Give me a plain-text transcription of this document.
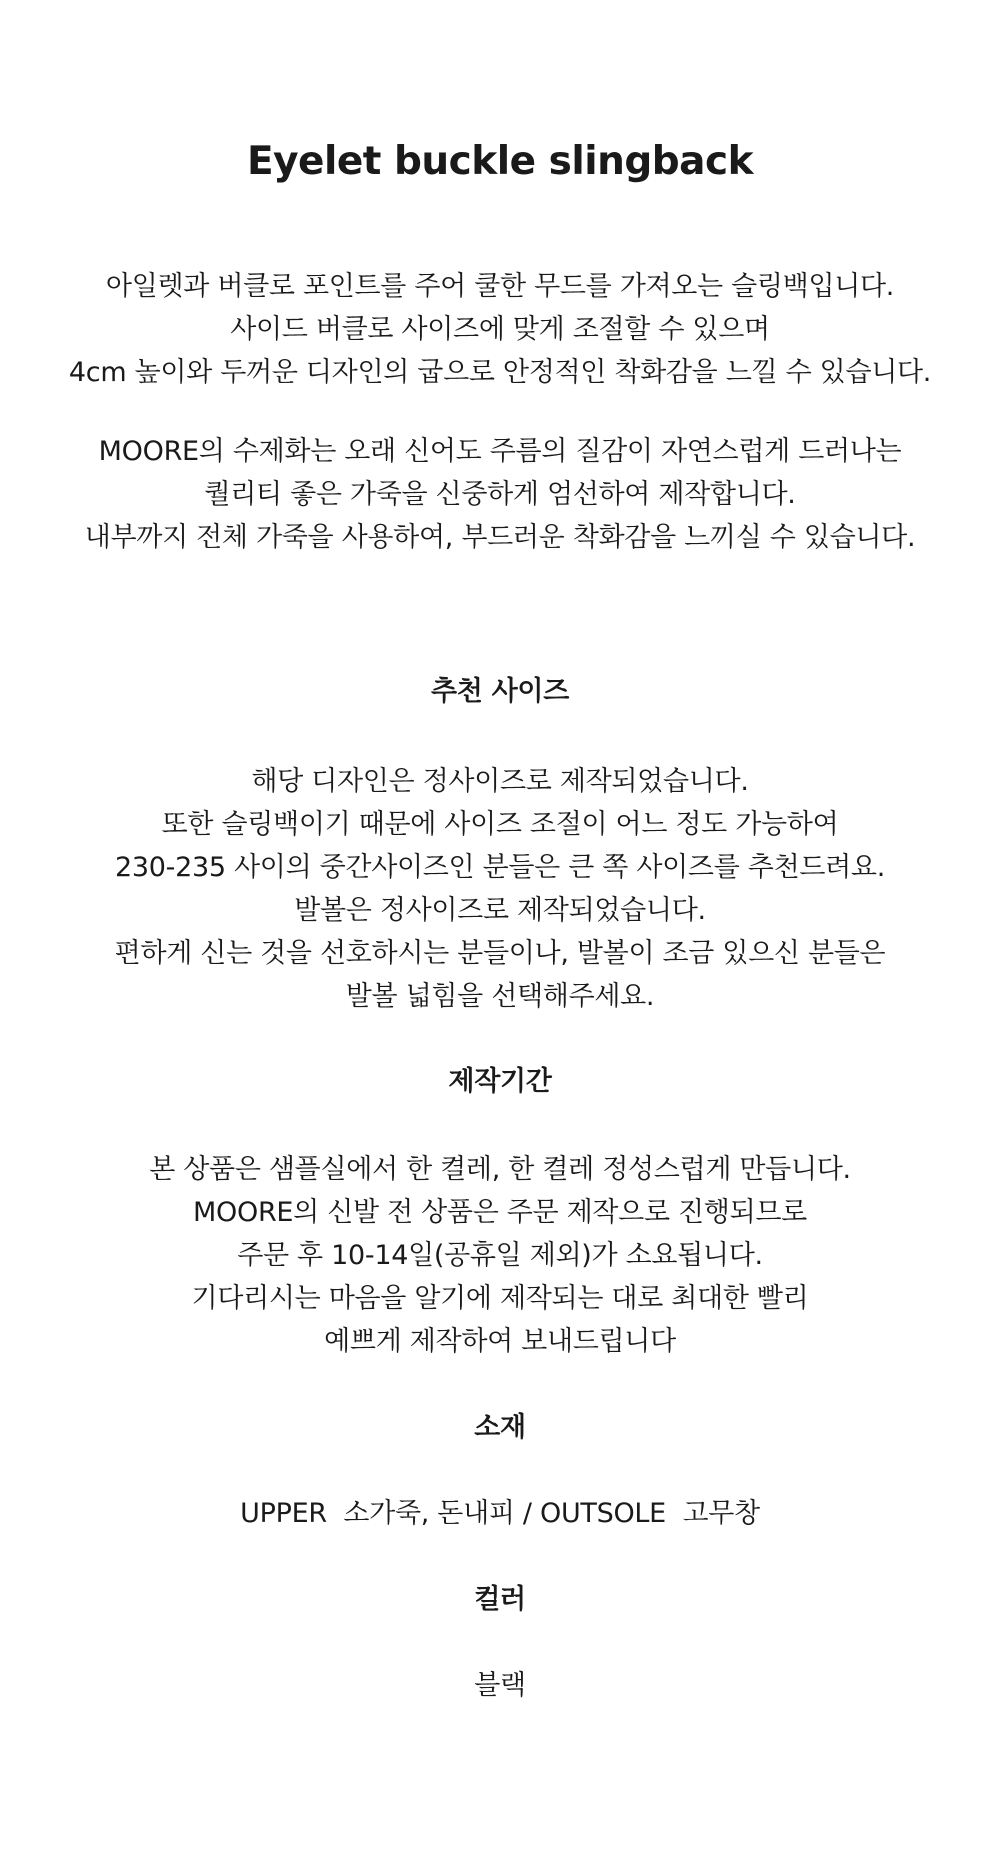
Eyelet buckle slingback
아일렛과 버클로 포인트를 주어 쿨한 무드를 가져오는 슬링백입니다.
사이드 버클로 사이즈에 맞게 조절할 수 있으며
4cm 높이와 두꺼운 디자인의 굽으로 안정적인 착화감을 느낄 수 있습니다.
MOORE의 수제화는 오래 신어도 주름의 질감이 자연스럽게 드러나는
퀄리티 좋은 가죽을 신중하게 엄선하여 제작합니다.
내부까지 전체 가죽을 사용하여, 부드러운 착화감을 느끼실 수 있습니다.
추천 사이즈
해당 디자인은 정사이즈로 제작되었습니다.
또한 슬링백이기 때문에 사이즈 조절이 어느 정도 가능하여
230-235 사이의 중간사이즈인 분들은 큰 쪽 사이즈를 추천드려요.
발볼은 정사이즈로 제작되었습니다.
편하게 신는 것을 선호하시는 분들이나, 발볼이 조금 있으신 분들은
발볼 넓힘을 선택해주세요.
제작기간
본 상품은 샘플실에서 한 켤레, 한 켤레 정성스럽게 만듭니다.
MOORE의 신발 전 상품은 주문 제작으로 진행되므로
주문 후 10-14일(공휴일 제외)가 소요됩니다.
기다리시는 마음을 알기에 제작되는 대로 최대한 빨리
예쁘게 제작하여 보내드립니다
소재
UPPER  소가죽, 돈내피 / OUTSOLE  고무창
컬러
블랙
